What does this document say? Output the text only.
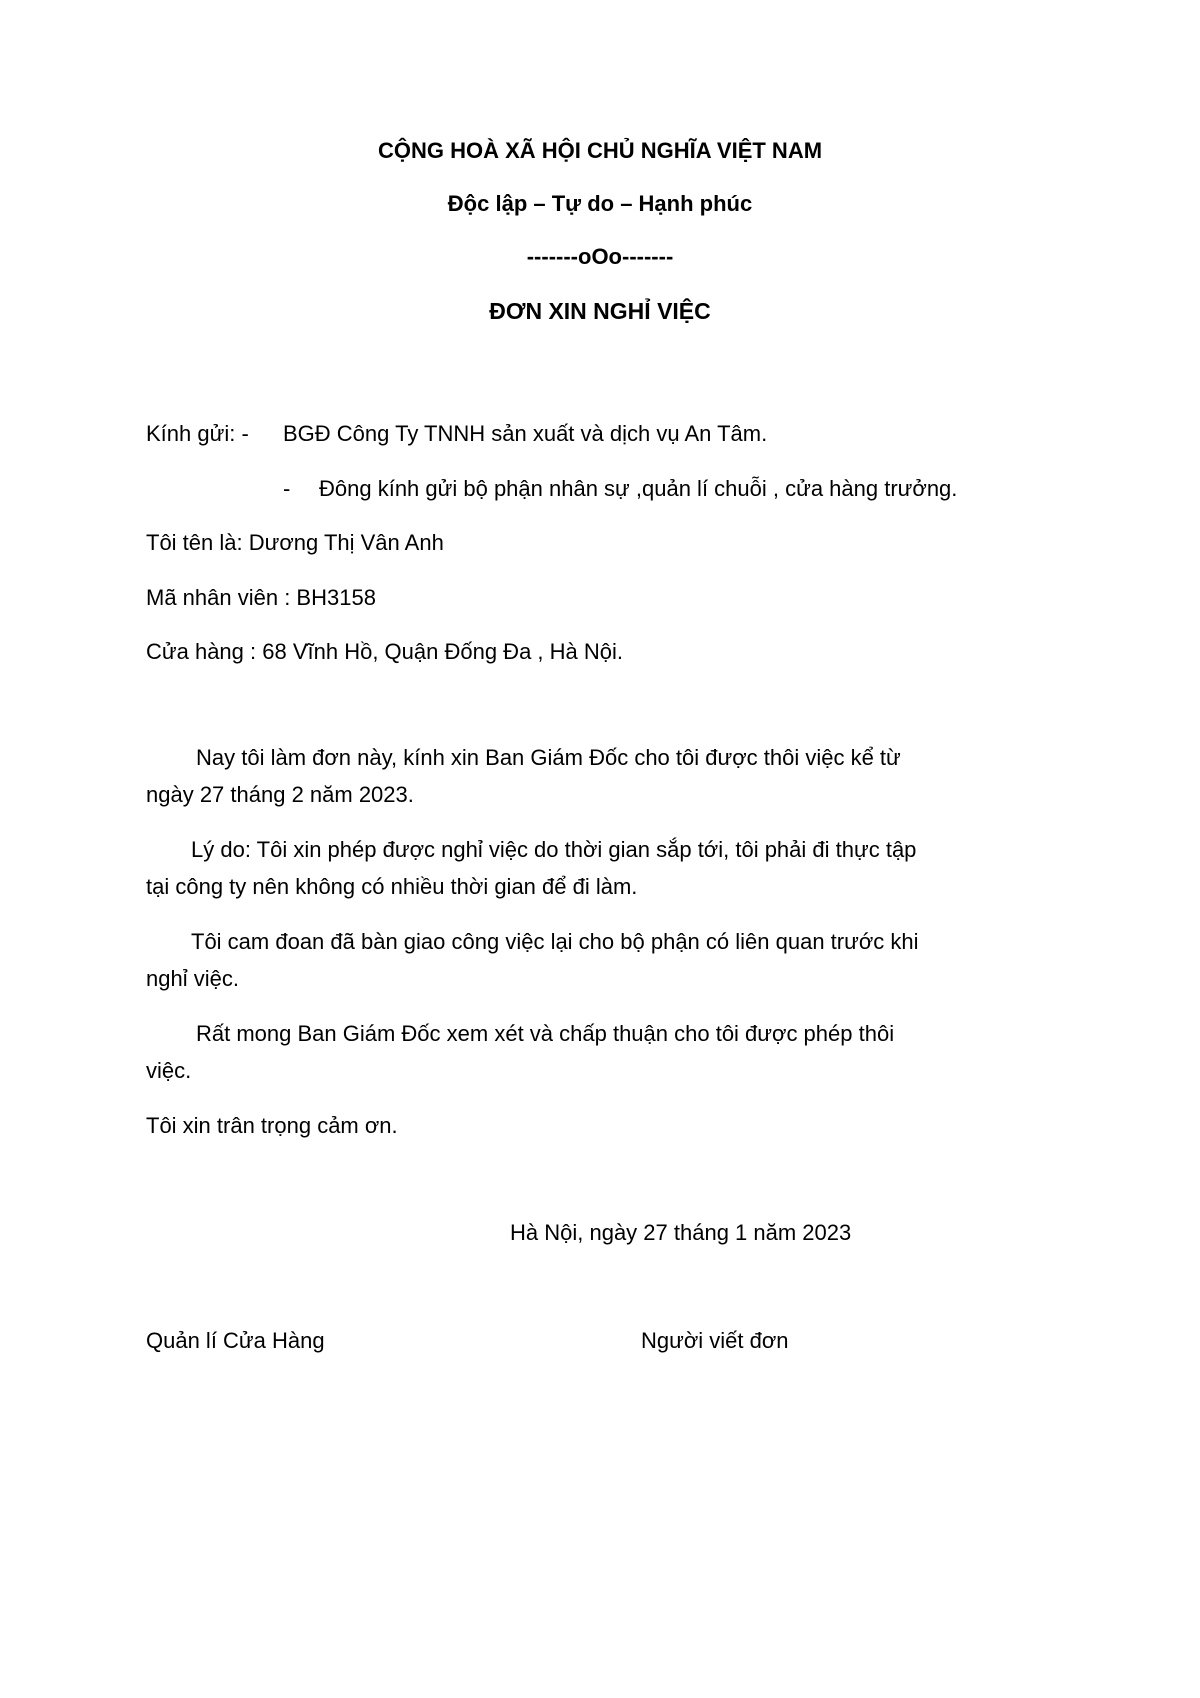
CỘNG HOÀ XÃ HỘI CHỦ NGHĨA VIỆT NAM
Độc lập – Tự do – Hạnh phúc
-------oOo-------
ĐƠN XIN NGHỈ VIỆC
Kính gửi: - BGĐ Công Ty TNNH sản xuất và dịch vụ An Tâm.
- Đông kính gửi bộ phận nhân sự ,quản lí chuỗi , cửa hàng trưởng.
Tôi tên là: Dương Thị Vân Anh
Mã nhân viên : BH3158
Cửa hàng : 68 Vĩnh Hồ, Quận Đống Đa , Hà Nội.
Nay tôi làm đơn này, kính xin Ban Giám Đốc cho tôi được thôi việc kể từ
ngày 27 tháng 2 năm 2023.
Lý do: Tôi xin phép được nghỉ việc do thời gian sắp tới, tôi phải đi thực tập
tại công ty nên không có nhiều thời gian để đi làm.
Tôi cam đoan đã bàn giao công việc lại cho bộ phận có liên quan trước khi
nghỉ việc.
Rất mong Ban Giám Đốc xem xét và chấp thuận cho tôi được phép thôi
việc.
Tôi xin trân trọng cảm ơn.
Hà Nội, ngày 27 tháng 1 năm 2023
Quản lí Cửa Hàng	Người viết đơn
